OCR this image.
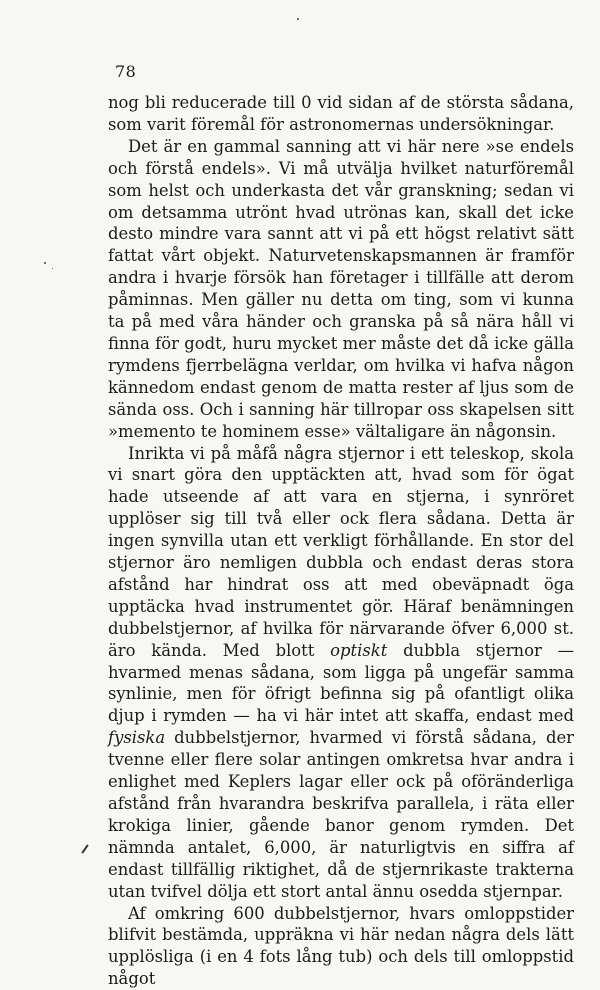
78

nog bli reducerade till 0 vid sidan af de största sådana, som varit föremål för astronomernas undersökningar.

Det är en gammal sanning att vi här nere »se endels och förstå endels». Vi må utvälja hvilket naturföremål som helst och underkasta det vår granskning; sedan vi om detsamma utrönt hvad utrönas kan, skall det icke desto mindre vara sannt att vi på ett högst relativt sätt fattat vårt objekt. Naturvetenskapsmannen är framför andra i hvarje försök han företager i tillfälle att derom påminnas. Men gäller nu detta om ting, som vi kunna ta på med våra händer och granska på så nära håll vi finna för godt, huru mycket mer måste det då icke gälla rymdens fjerrbelägna verldar, om hvilka vi hafva någon kännedom endast genom de matta rester af ljus som de sända oss. Och i sanning här tillropar oss skapelsen sitt »memento te hominem esse» vältaligare än någonsin.

Inrikta vi på måfå några stjernor i ett teleskop, skola vi snart göra den upptäckten att, hvad som för ögat hade utseende af att vara en stjerna, i synröret upplöser sig till två eller ock flera sådana. Detta är ingen synvilla utan ett verkligt förhållande. En stor del stjernor äro nemligen dubbla och endast deras stora afstånd har hindrat oss att med obeväpnadt öga upptäcka hvad instrumentet gör. Häraf benämningen dubbelstjernor, af hvilka för närvarande öfver 6,000 st. äro kända. Med blott optiskt dubbla stjernor — hvarmed menas sådana, som ligga på ungefär samma synlinie, men för öfrigt befinna sig på ofantligt olika djup i rymden — ha vi här intet att skaffa, endast med fysiska dubbelstjernor, hvarmed vi förstå sådana, der tvenne eller flere solar antingen omkretsa hvar andra i enlighet med Keplers lagar eller ock på oföränderliga afstånd från hvarandra beskrifva parallela, i räta eller krokiga linier, gående banor genom rymden. Det nämnda antalet, 6,000, är naturligtvis en siffra af endast tillfällig riktighet, då de stjernrikaste trakterna utan tvifvel dölja ett stort antal ännu osedda stjernpar.

Af omkring 600 dubbelstjernor, hvars omloppstider blifvit bestämda, uppräkna vi här nedan några dels lätt upplösliga (i en 4 fots lång tub) och dels till omloppstid något
